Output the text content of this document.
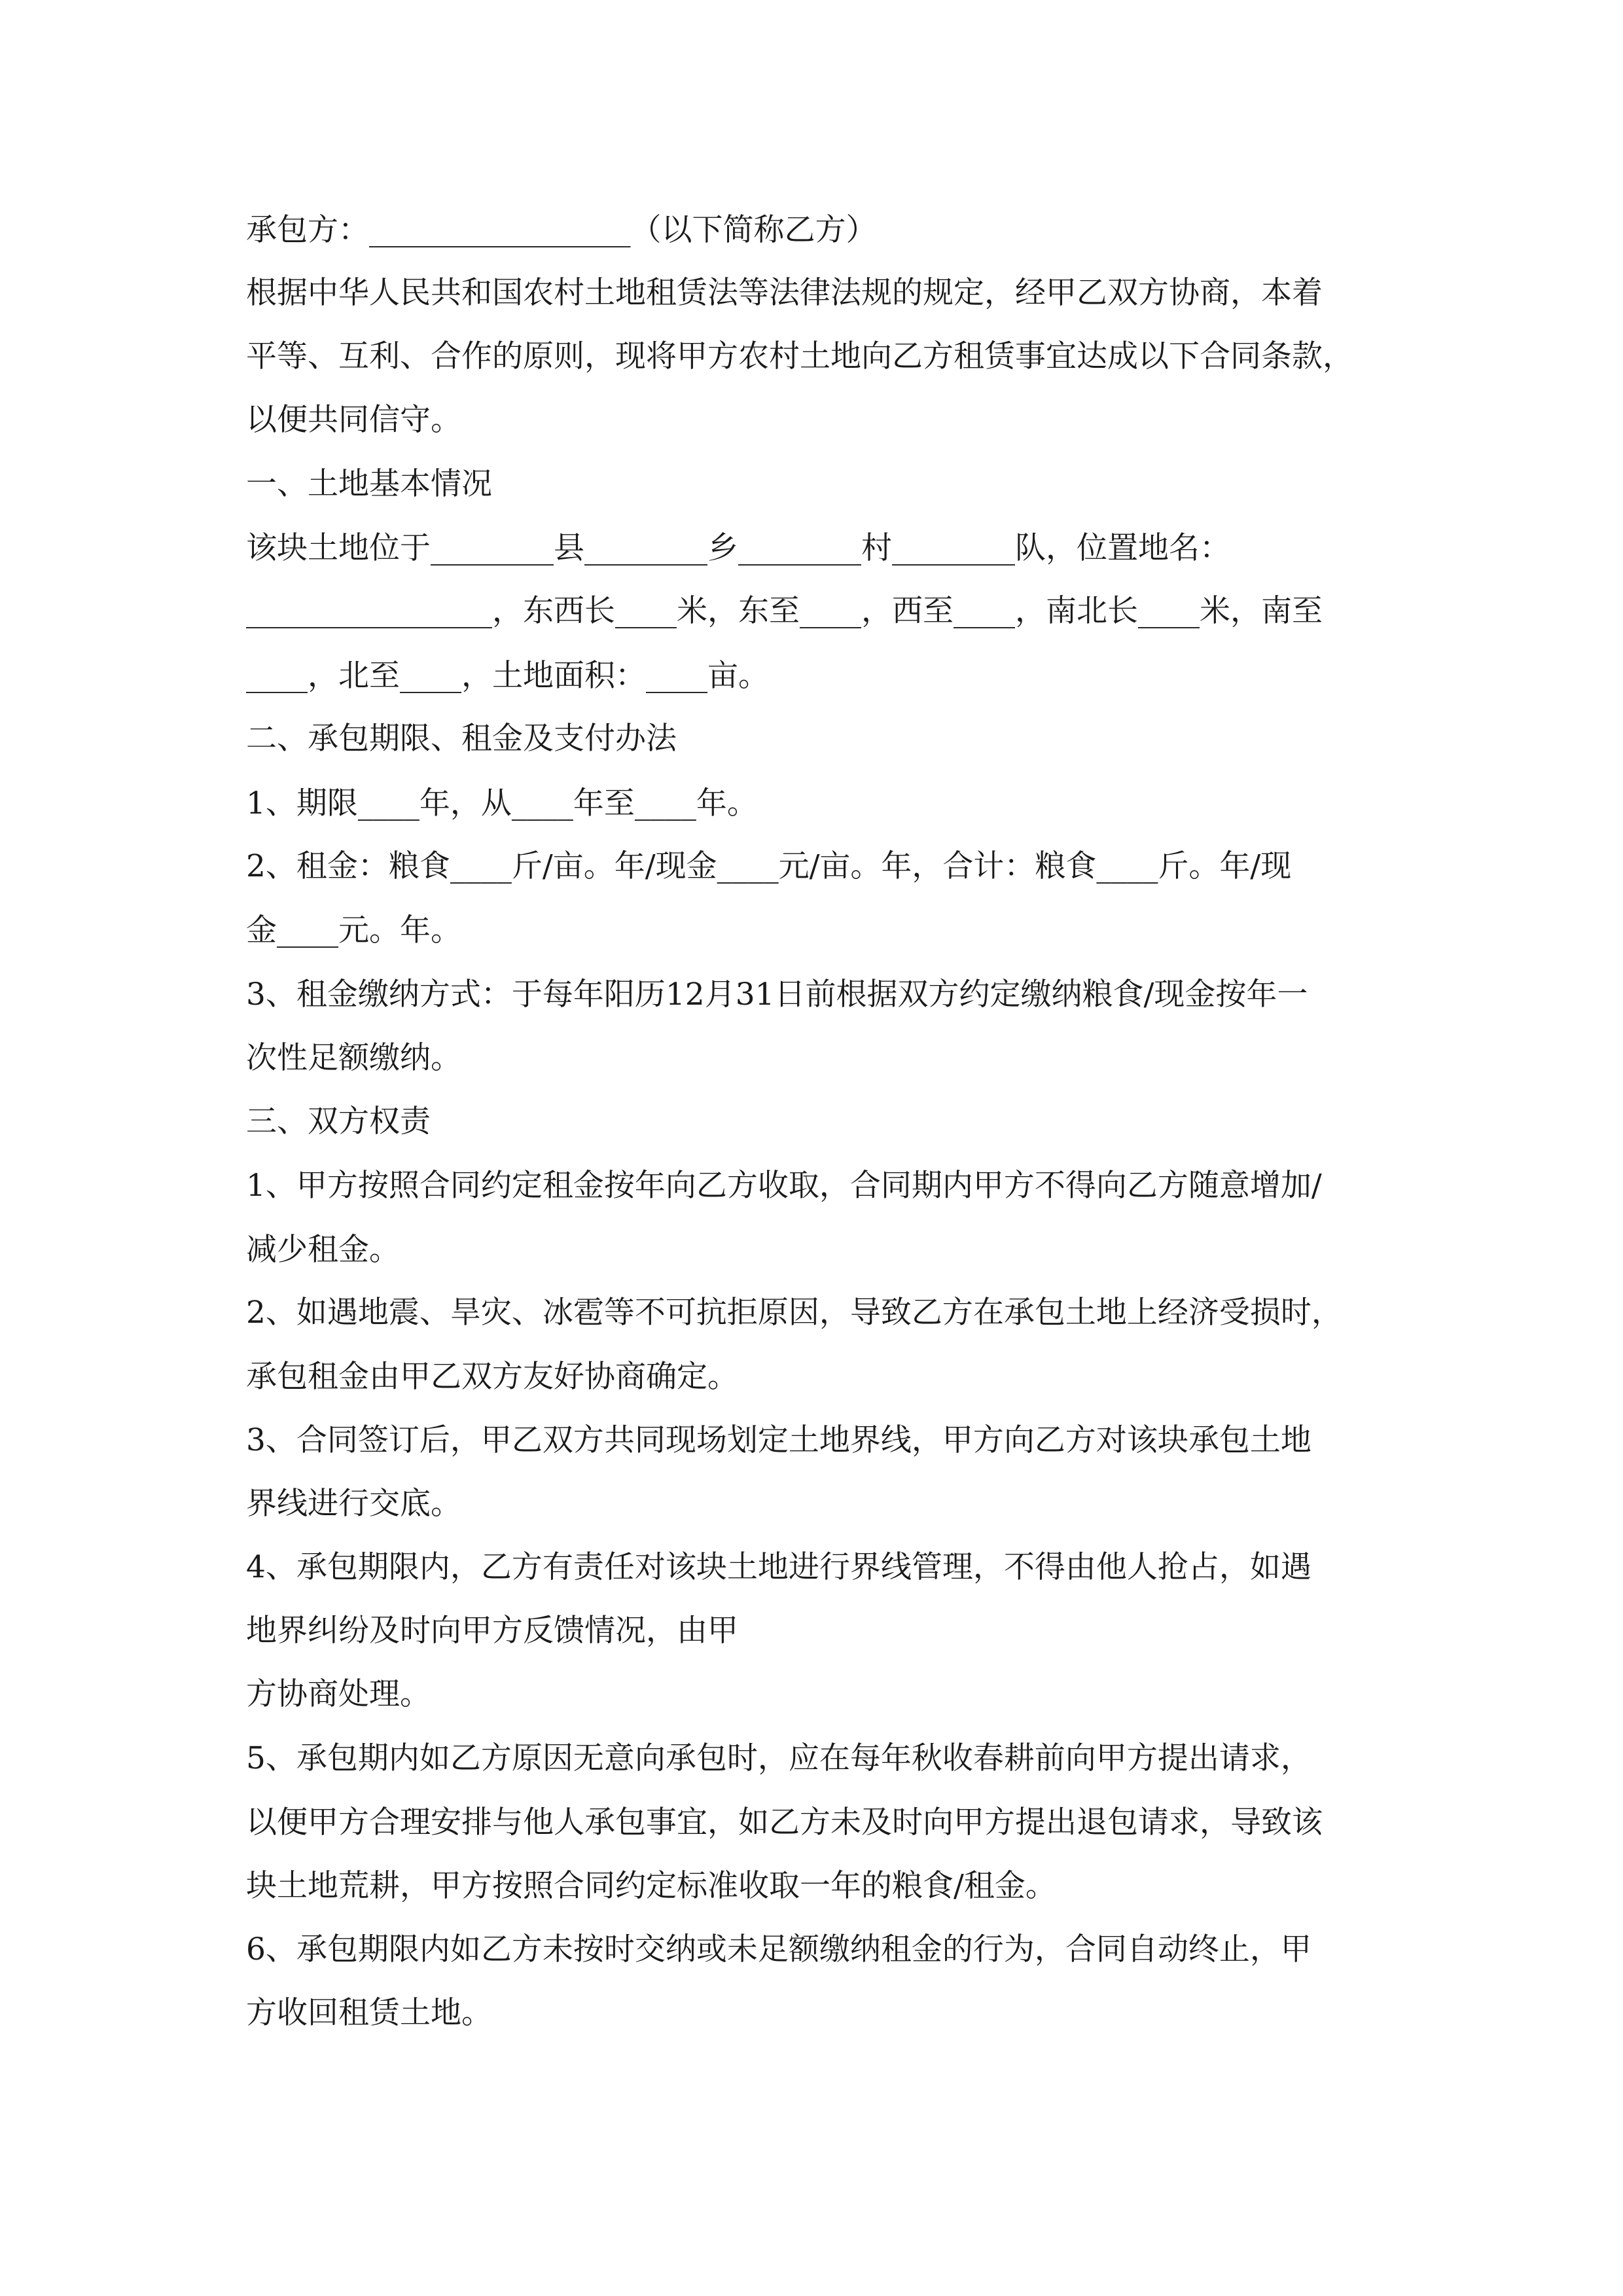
承包方：_________________（以下简称乙方）
根据中华人民共和国农村土地租赁法等法律法规的规定，经甲乙双方协商，本着
平等、互利、合作的原则，现将甲方农村土地向乙方租赁事宜达成以下合同条款，
以便共同信守。
一、土地基本情况
该块土地位于________县________乡________村________队，位置地名：
________________，东西长____米，东至____，西至____，南北长____米，南至
____，北至____，土地面积：____亩。
二、承包期限、租金及支付办法
1、期限____年，从____年至____年。
2、租金：粮食____斤/亩。年/现金____元/亩。年，合计：粮食____斤。年/现
金____元。年。
3、租金缴纳方式：于每年阳历12月31日前根据双方约定缴纳粮食/现金按年一
次性足额缴纳。
三、双方权责
1、甲方按照合同约定租金按年向乙方收取，合同期内甲方不得向乙方随意增加/
减少租金。
2、如遇地震、旱灾、冰雹等不可抗拒原因，导致乙方在承包土地上经济受损时，
承包租金由甲乙双方友好协商确定。
3、合同签订后，甲乙双方共同现场划定土地界线，甲方向乙方对该块承包土地
界线进行交底。
4、承包期限内，乙方有责任对该块土地进行界线管理，不得由他人抢占，如遇
地界纠纷及时向甲方反馈情况，由甲
方协商处理。
5、承包期内如乙方原因无意向承包时，应在每年秋收春耕前向甲方提出请求，
以便甲方合理安排与他人承包事宜，如乙方未及时向甲方提出退包请求，导致该
块土地荒耕，甲方按照合同约定标准收取一年的粮食/租金。
6、承包期限内如乙方未按时交纳或未足额缴纳租金的行为，合同自动终止，甲
方收回租赁土地。
